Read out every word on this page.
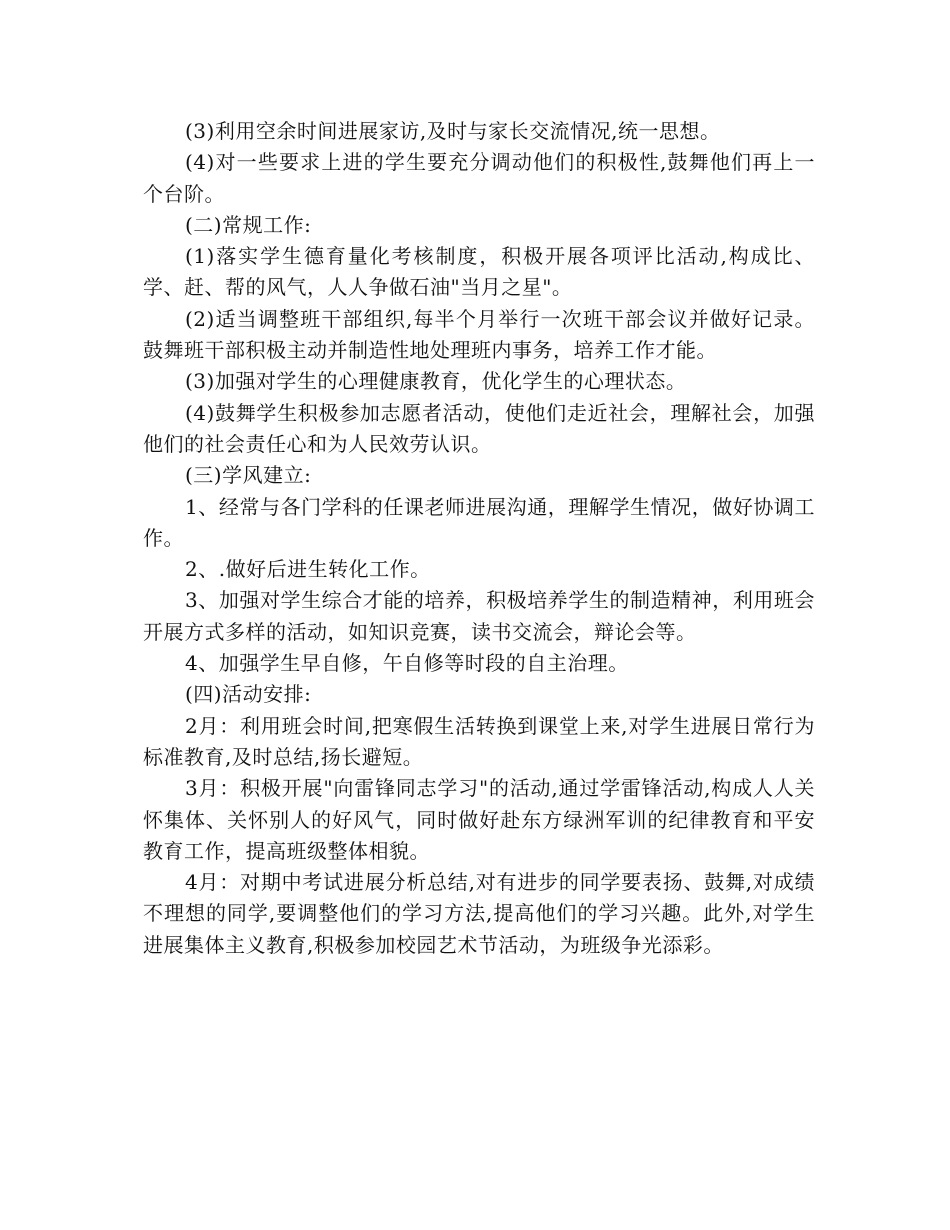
(3)利用空余时间进展家访,及时与家长交流情况,统一思想。

(4)对一些要求上进的学生要充分调动他们的积极性,鼓舞他们再上一个台阶。

(二)常规工作:

(1)落实学生德育量化考核制度，积极开展各项评比活动,构成比、学、赶、帮的风气，人人争做石油"当月之星"。

(2)适当调整班干部组织,每半个月举行一次班干部会议并做好记录。鼓舞班干部积极主动并制造性地处理班内事务，培养工作才能。

(3)加强对学生的心理健康教育，优化学生的心理状态。

(4)鼓舞学生积极参加志愿者活动，使他们走近社会，理解社会，加强他们的社会责任心和为人民效劳认识。

(三)学风建立:

1、经常与各门学科的任课老师进展沟通，理解学生情况，做好协调工作。

2、.做好后进生转化工作。

3、加强对学生综合才能的培养，积极培养学生的制造精神，利用班会开展方式多样的活动，如知识竞赛，读书交流会，辩论会等。

4、加强学生早自修，午自修等时段的自主治理。

(四)活动安排:

2月：利用班会时间,把寒假生活转换到课堂上来,对学生进展日常行为标准教育,及时总结,扬长避短。

3月：积极开展"向雷锋同志学习"的活动,通过学雷锋活动,构成人人关怀集体、关怀别人的好风气，同时做好赴东方绿洲军训的纪律教育和平安教育工作，提高班级整体相貌。

4月：对期中考试进展分析总结,对有进步的同学要表扬、鼓舞,对成绩不理想的同学,要调整他们的学习方法,提高他们的学习兴趣。此外,对学生进展集体主义教育,积极参加校园艺术节活动，为班级争光添彩。
